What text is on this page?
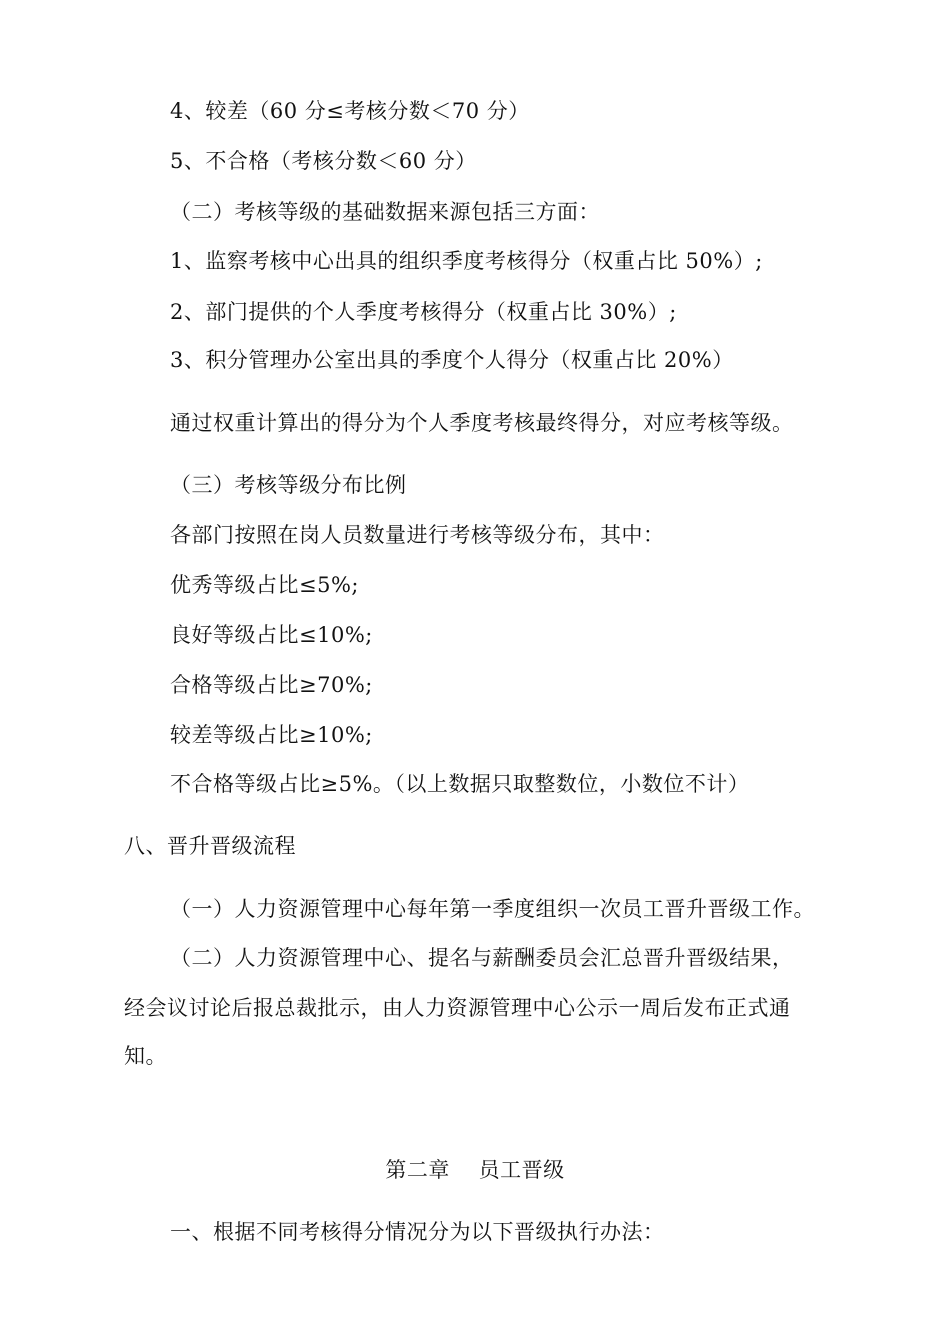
4、较差（60 分≤考核分数＜70 分）
5、不合格（考核分数＜60 分）
（二）考核等级的基础数据来源包括三方面：
1、监察考核中心出具的组织季度考核得分（权重占比 50%）;
2、部门提供的个人季度考核得分（权重占比 30%）;
3、积分管理办公室出具的季度个人得分（权重占比 20%）
通过权重计算出的得分为个人季度考核最终得分，对应考核等级。
（三）考核等级分布比例
各部门按照在岗人员数量进行考核等级分布，其中：
优秀等级占比≤5%;
良好等级占比≤10%;
合格等级占比≥70%;
较差等级占比≥10%;
不合格等级占比≥5%。（以上数据只取整数位，小数位不计）
八、晋升晋级流程
（一）人力资源管理中心每年第一季度组织一次员工晋升晋级工作。
（二）人力资源管理中心、提名与薪酬委员会汇总晋升晋级结果，
经会议讨论后报总裁批示，由人力资源管理中心公示一周后发布正式通
知。
第二章    员工晋级
一、根据不同考核得分情况分为以下晋级执行办法：
